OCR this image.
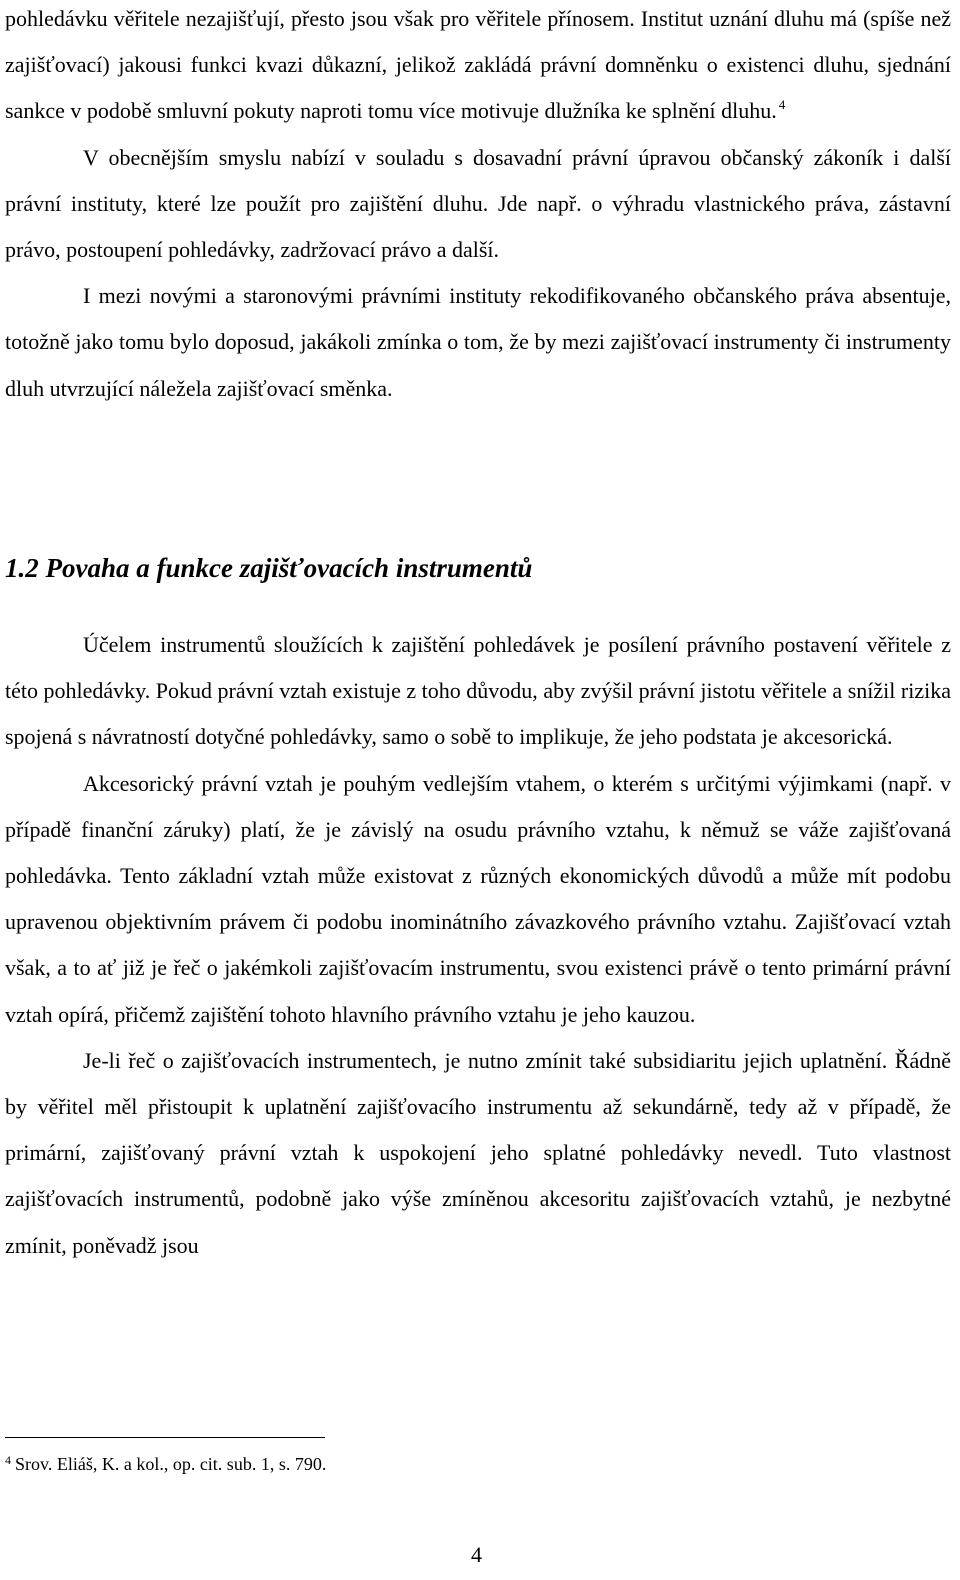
pohledávku věřitele nezajišťují, přesto jsou však pro věřitele přínosem. Institut uznání dluhu má (spíše než zajišťovací) jakousi funkci kvazi důkazní, jelikož zakládá právní domněnku o existenci dluhu, sjednání sankce v podobě smluvní pokuty naproti tomu více motivuje dlužníka ke splnění dluhu. $^4$

V obecnějším smyslu nabízí v souladu s dosavadní právní úpravou občanský zákoník i další právní instituty, které lze použít pro zajištění dluhu. Jde např. o výhradu vlastnického práva, zástavní právo, postoupení pohledávky, zadržovací právo a další.

I mezi novými a staronovými právními instituty rekodifikovaného občanského práva absentuje, totožně jako tomu bylo doposud, jakákoli zmínka o tom, že by mezi zajišťovací instrumenty či instrumenty dluh utvrzující náležela zajišťovací směnka.

1.2 Povaha a funkce zajišťovacích instrumentů

Účelem instrumentů sloužících k zajištění pohledávek je posílení právního postavení věřitele z této pohledávky. Pokud právní vztah existuje z toho důvodu, aby zvýšil právní jistotu věřitele a snížil rizika spojená s návratností dotyčné pohledávky, samo o sobě to implikuje, že jeho podstata je akcesorická.

Akcesorický právní vztah je pouhým vedlejším vtahem, o kterém s určitými výjimkami (např. v případě finanční záruky) platí, že je závislý na osudu právního vztahu, k němuž se váže zajišťovaná pohledávka. Tento základní vztah může existovat z různých ekonomických důvodů a může mít podobu upravenou objektivním právem či podobu inominátního závazkového právního vztahu. Zajišťovací vztah však, a to ať již je řeč o jakémkoli zajišťovacím instrumentu, svou existenci právě o tento primární právní vztah opírá, přičemž zajištění tohoto hlavního právního vztahu je jeho kauzou.

Je-li řeč o zajišťovacích instrumentech, je nutno zmínit také subsidiaritu jejich uplatnění. Řádně by věřitel měl přistoupit k uplatnění zajišťovacího instrumentu až sekundárně, tedy až v případě, že primární, zajišťovaný právní vztah k uspokojení jeho splatné pohledávky nevedl. Tuto vlastnost zajišťovacích instrumentů, podobně jako výše zmíněnou akcesoritu zajišťovacích vztahů, je nezbytné zmínit, poněvadž jsou

$^4$ Srov. Eliáš, K. a kol., op. cit. sub. 1, s. 790.

4
